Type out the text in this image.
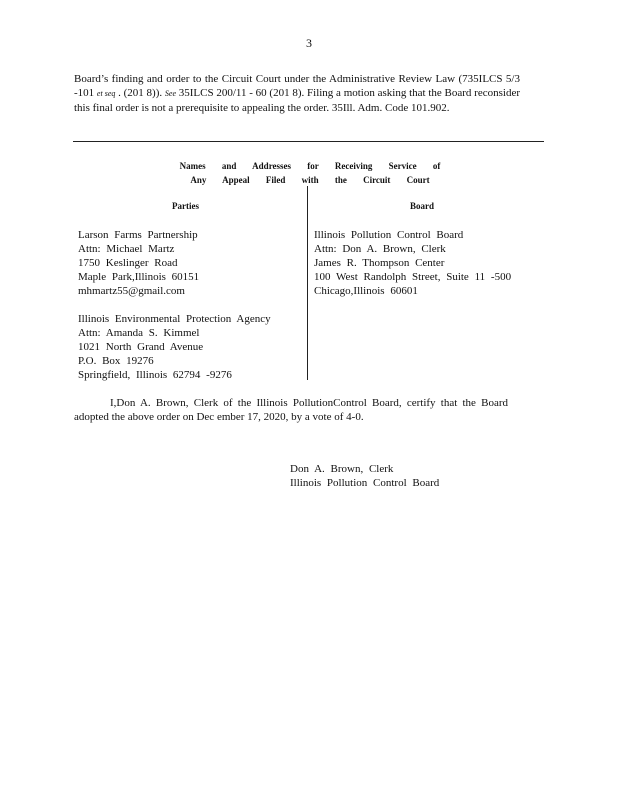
3
Board’s finding and order to the Circuit Court under the Administrative Review Law (735ILCS 5/3 -101 et seq . (201 8)). See 35ILCS 200/11 - 60 (201 8). Filing a motion asking that the Board reconsider this final order is not a prerequisite to appealing the order. 35Ill. Adm. Code 101.902.
Names and Addresses for Receiving Service of
Any Appeal Filed with the Circuit Court
Parties	Board
Larson Farms Partnership
Attn: Michael Martz
1750 Keslinger Road
Maple Park,Illinois 60151
mhmartz55@gmail.com
Illinois Environmental Protection Agency
Attn: Amanda S. Kimmel
1021 North Grand Avenue
P.O. Box 19276
Springfield, Illinois 62794 -9276
Illinois Pollution Control Board
Attn: Don A. Brown, Clerk
James R. Thompson Center
100 West Randolph Street, Suite 11 -500
Chicago,Illinois 60601
I,Don A. Brown, Clerk of the Illinois PollutionControl Board, certify that the Board adopted the above order on Dec ember 17, 2020, by a vote of 4-0.
Don A. Brown, Clerk
Illinois Pollution Control Board
